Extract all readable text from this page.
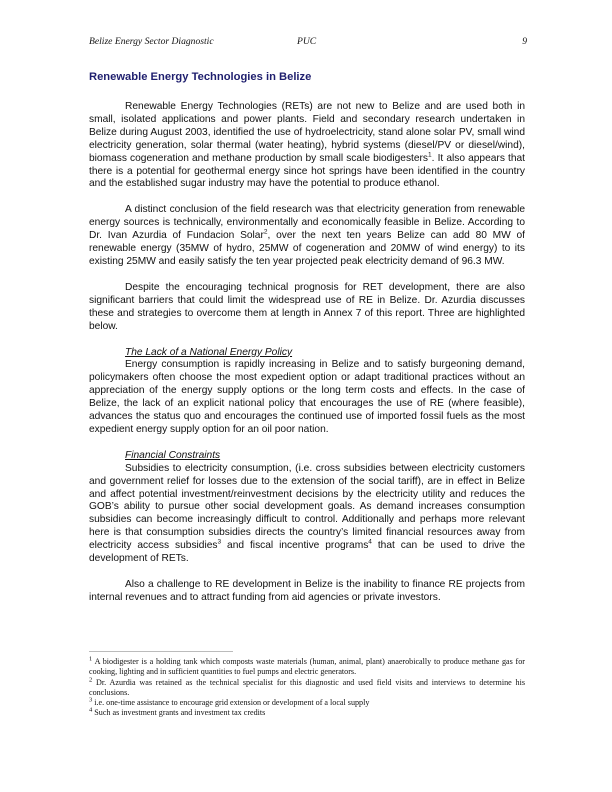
Belize Energy Sector Diagnostic	PUC	9
Renewable Energy Technologies in Belize

Renewable Energy Technologies (RETs) are not new to Belize and are used both in small, isolated applications and power plants. Field and secondary research undertaken in Belize during August 2003, identified the use of hydroelectricity, stand alone solar PV, small wind electricity generation, solar thermal (water heating), hybrid systems (diesel/PV or diesel/wind), biomass cogeneration and methane production by small scale biodigesters$^1$. It also appears that there is a potential for geothermal energy since hot springs have been identified in the country and the established sugar industry may have the potential to produce ethanol.

A distinct conclusion of the field research was that electricity generation from renewable energy sources is technically, environmentally and economically feasible in Belize. According to Dr. Ivan Azurdia of Fundacion Solar$^2$, over the next ten years Belize can add 80 MW of renewable energy (35MW of hydro, 25MW of cogeneration and 20MW of wind energy) to its existing 25MW and easily satisfy the ten year projected peak electricity demand of 96.3 MW.

Despite the encouraging technical prognosis for RET development, there are also significant barriers that could limit the widespread use of RE in Belize. Dr. Azurdia discusses these and strategies to overcome them at length in Annex 7 of this report. Three are highlighted below.

The Lack of a National Energy Policy

Energy consumption is rapidly increasing in Belize and to satisfy burgeoning demand, policymakers often choose the most expedient option or adapt traditional practices without an appreciation of the energy supply options or the long term costs and effects. In the case of Belize, the lack of an explicit national policy that encourages the use of RE (where feasible), advances the status quo and encourages the continued use of imported fossil fuels as the most expedient energy supply option for an oil poor nation.

Financial Constraints

Subsidies to electricity consumption, (i.e. cross subsidies between electricity customers and government relief for losses due to the extension of the social tariff), are in effect in Belize and affect potential investment/reinvestment decisions by the electricity utility and reduces the GOB’s ability to pursue other social development goals. As demand increases consumption subsidies can become increasingly difficult to control. Additionally and perhaps more relevant here is that consumption subsidies directs the country’s limited financial resources away from electricity access subsidies$^3$ and fiscal incentive programs$^4$ that can be used to drive the development of RETs.

Also a challenge to RE development in Belize is the inability to finance RE projects from internal revenues and to attract funding from aid agencies or private investors.

$^1$ A biodigester is a holding tank which composts waste materials (human, animal, plant) anaerobically to produce methane gas for cooking, lighting and in sufficient quantities to fuel pumps and electric generators.

$^2$ Dr. Azurdia was retained as the technical specialist for this diagnostic and used field visits and interviews to determine his conclusions.

$^3$ i.e. one-time assistance to encourage grid extension or development of a local supply

$^4$ Such as investment grants and investment tax credits
